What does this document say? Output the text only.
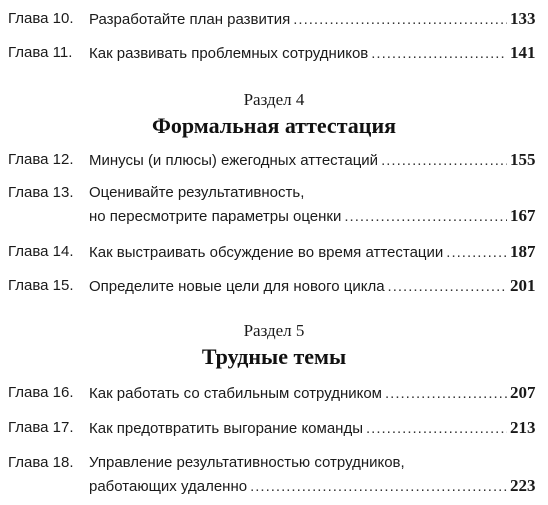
Глава 10. Разработайте план развития .....	133
Глава 11. Как развивать проблемных сотрудников .....	141
Раздел 4
Формальная аттестация
Глава 12. Минусы (и плюсы) ежегодных аттестаций .....	155
Глава 13. Оценивайте результативность,
но пересмотрите параметры оценки .....	167
Глава 14. Как выстраивать обсуждение во время аттестации .....	187
Глава 15. Определите новые цели для нового цикла .....	201
Раздел 5
Трудные темы
Глава 16. Как работать со стабильным сотрудником .....	207
Глава 17. Как предотвратить выгорание команды .....	213
Глава 18. Управление результативностью сотрудников,
работающих удаленно .....	223
